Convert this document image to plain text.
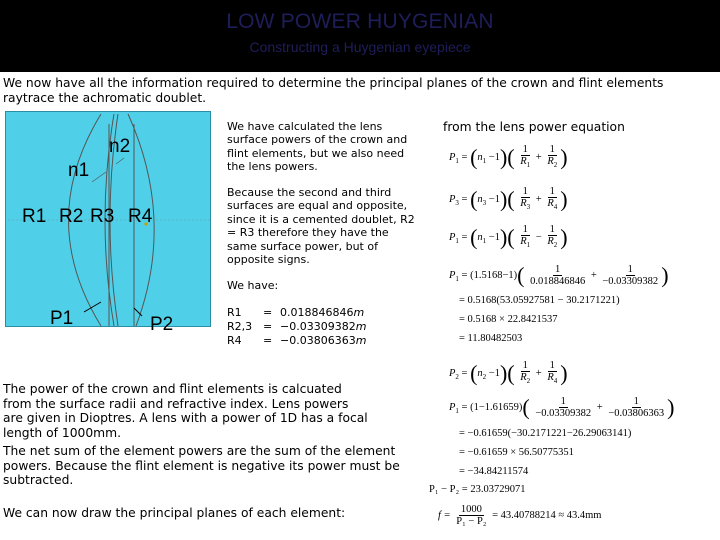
LOW POWER HUYGENIAN
Constructing a Huygenian eyepiece
We now have all the information required to determine the principal planes of the crown and flint elements
raytrace the achromatic doublet.
n1
n2
R1 R2 R3 R4
P1	P2
We have calculated the lens
surface powers of the crown and
flint elements, but we also need
the lens powers.
Because the second and third
surfaces are equal and opposite,
since it is a cemented doublet, R2
= R3 therefore they have the
same surface power, but of
opposite signs.
We have:
R1 = 0.018846846m
R2,3 = −0.03309382m
R4 = −0.03806363m
from the lens power equation
$P_1 = (n_1 -1)( \frac{1}{R_1} + \frac{1}{R_2}$ )
$P_3 = (n_3 -1)( \frac{1}{R_3} + \frac{1}{R_4}$ )
$P_1 = (n_1 -1)( \frac{1}{R_1} - \frac{1}{R_2}$ )
$P_1 = (1.5168-1)( \frac{1}{0.018846846} + \frac{1}{-0.03309382}$ )
= 0.5168(53.05927581 − 30.2171221)
= 0.5168 × 22.8421537
= 11.80482503
$P_2 = (n_2 -1)( \frac{1}{R_2} + \frac{1}{R_4}$ )
$P_1 = (1-1.61659)( \frac{1}{-0.03309382} + \frac{1}{-0.03806363}$ )
= −0.61659(−30.2171221−26.29063141)
= −0.61659 × 56.50775351
= −34.84211574
P₁ − P₂ = 23.03729071
$f = \frac{1000}{\text{P₁ − P₂}} = 43.40788214 \approx 43.4mm$
The power of the crown and flint elements is calcuated
from the surface radii and refractive index. Lens powers
are given in Dioptres. A lens with a power of 1D has a focal
length of 1000mm.
The net sum of the element powers are the sum of the element
powers. Because the flint element is negative its power must be
subtracted.
We can now draw the principal planes of each element:
